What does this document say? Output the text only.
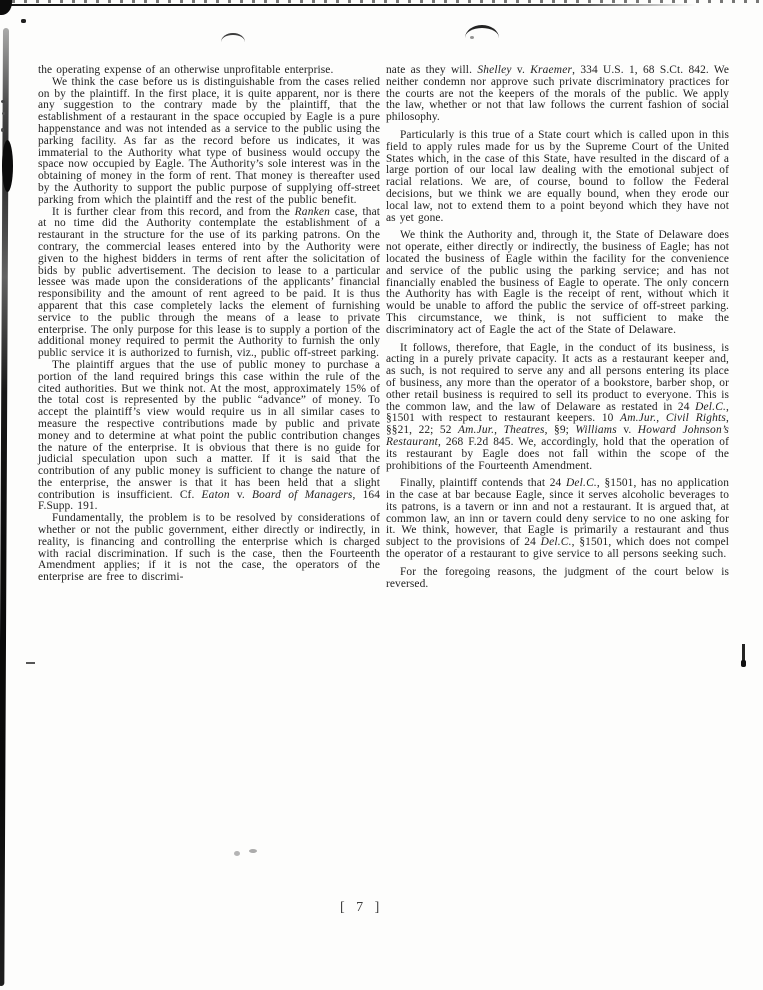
the operating expense of an otherwise unprofitable enterprise.

We think the case before us is distinguishable from the cases relied on by the plaintiff. In the first place, it is quite apparent, nor is there any suggestion to the contrary made by the plaintiff, that the establishment of a restaurant in the space occupied by Eagle is a pure happenstance and was not intended as a service to the public using the parking facility. As far as the record before us indicates, it was immaterial to the Authority what type of business would occupy the space now occupied by Eagle. The Authority’s sole interest was in the obtaining of money in the form of rent. That money is thereafter used by the Authority to support the public purpose of supplying off-street parking from which the plaintiff and the rest of the public benefit.

It is further clear from this record, and from the Ranken case, that at no time did the Authority contemplate the establishment of a restaurant in the structure for the use of its parking patrons. On the contrary, the commercial leases entered into by the Authority were given to the highest bidders in terms of rent after the solicitation of bids by public advertisement. The decision to lease to a particular lessee was made upon the considerations of the applicants’ financial responsibility and the amount of rent agreed to be paid. It is thus apparent that this case completely lacks the element of furnishing service to the public through the means of a lease to private enterprise. The only purpose for this lease is to supply a portion of the additional money required to permit the Authority to furnish the only public service it is authorized to furnish, viz., public off-street parking.

The plaintiff argues that the use of public money to purchase a portion of the land required brings this case within the rule of the cited authorities. But we think not. At the most, approximately 15% of the total cost is represented by the public “advance” of money. To accept the plaintiff’s view would require us in all similar cases to measure the respective contributions made by public and private money and to determine at what point the public contribution changes the nature of the enterprise. It is obvious that there is no guide for judicial speculation upon such a matter. If it is said that the contribution of any public money is sufficient to change the nature of the enterprise, the answer is that it has been held that a slight contribution is insufficient. Cf. Eaton v. Board of Managers, 164 F.Supp. 191.

Fundamentally, the problem is to be resolved by considerations of whether or not the public government, either directly or indirectly, in reality, is financing and controlling the enterprise which is charged with racial discrimination. If such is the case, then the Fourteenth Amendment applies; if it is not the case, the operators of the enterprise are free to discrimi-

nate as they will. Shelley v. Kraemer, 334 U.S. 1, 68 S.Ct. 842. We neither condemn nor approve such private discriminatory practices for the courts are not the keepers of the morals of the public. We apply the law, whether or not that law follows the current fashion of social philosophy.

Particularly is this true of a State court which is called upon in this field to apply rules made for us by the Supreme Court of the United States which, in the case of this State, have resulted in the discard of a large portion of our local law dealing with the emotional subject of racial relations. We are, of course, bound to follow the Federal decisions, but we think we are equally bound, when they erode our local law, not to extend them to a point beyond which they have not as yet gone.

We think the Authority and, through it, the State of Delaware does not operate, either directly or indirectly, the business of Eagle; has not located the business of Eagle within the facility for the convenience and service of the public using the parking service; and has not financially enabled the business of Eagle to operate. The only concern the Authority has with Eagle is the receipt of rent, without which it would be unable to afford the public the service of off-street parking. This circumstance, we think, is not sufficient to make the discriminatory act of Eagle the act of the State of Delaware.

It follows, therefore, that Eagle, in the conduct of its business, is acting in a purely private capacity. It acts as a restaurant keeper and, as such, is not required to serve any and all persons entering its place of business, any more than the operator of a bookstore, barber shop, or other retail business is required to sell its product to everyone. This is the common law, and the law of Delaware as restated in 24 Del.C., §1501 with respect to restaurant keepers. 10 Am.Jur., Civil Rights, §§21, 22; 52 Am.Jur., Theatres, §9; Williams v. Howard Johnson’s Restaurant, 268 F.2d 845. We, accordingly, hold that the operation of its restaurant by Eagle does not fall within the scope of the prohibitions of the Fourteenth Amendment.

Finally, plaintiff contends that 24 Del.C., §1501, has no application in the case at bar because Eagle, since it serves alcoholic beverages to its patrons, is a tavern or inn and not a restaurant. It is argued that, at common law, an inn or tavern could deny service to no one asking for it. We think, however, that Eagle is primarily a restaurant and thus subject to the provisions of 24 Del.C., §1501, which does not compel the operator of a restaurant to give service to all persons seeking such.

For the foregoing reasons, the judgment of the court below is reversed.

[ 7 ]
